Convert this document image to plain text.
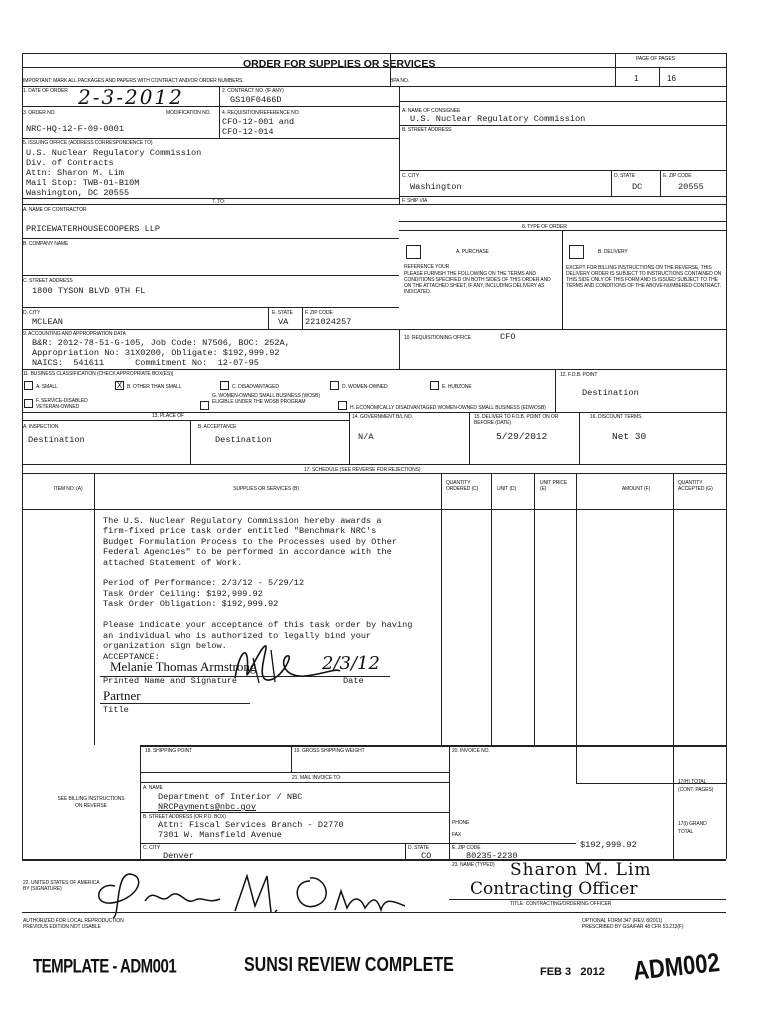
ORDER FOR SUPPLIES OR SERVICES	PAGE OF PAGES
1	16
IMPORTANT: MARK ALL PACKAGES AND PAPERS WITH CONTRACT AND/OR ORDER NUMBERS.	BPA NO.
1. DATE OF ORDER 2-3-2012	2. CONTRACT NO. (IF ANY)
GS10F0466D
3. ORDER NO.	MODIFICATION NO.
NRC-HQ-12-F-09-0001
4. REQUISITION/REFERENCE NO.
CFO-12-001 and
CFO-12-014
A. NAME OF CONSIGNEE
U.S. Nuclear Regulatory Commission
B. STREET ADDRESS
C. CITY
Washington
D. STATE
DC
E. ZIP CODE
20555
F. SHIP VIA
5. ISSUING OFFICE (ADDRESS CORRESPONDENCE TO)
U.S. Nuclear Regulatory Commission
Div. of Contracts
Attn: Sharon M. Lim
Mail Stop: TWB-01-B10M
Washington, DC 20555
7. TO:
A. NAME OF CONTRACTOR
PRICEWATERHOUSECOOPERS LLP
B. COMPANY NAME
C. STREET ADDRESS
1800 TYSON BLVD 9TH FL
D. CITY
MCLEAN
E. STATE
VA
F. ZIP CODE
221024257
8. TYPE OF ORDER
A. PURCHASE
REFERENCE YOUR
PLEASE FURNISH THE FOLLOWING ON THE TERMS AND CONDITIONS SPECIFIED ON BOTH SIDES OF THIS ORDER AND ON THE ATTACHED SHEET, IF ANY, INCLUDING DELIVERY AS INDICATED.
B. DELIVERY
EXCEPT FOR BILLING INSTRUCTIONS ON THE REVERSE, THIS DELIVERY ORDER IS SUBJECT TO INSTRUCTIONS CONTAINED ON THIS SIDE ONLY OF THIS FORM AND IS ISSUED SUBJECT TO THE TERMS AND CONDITIONS OF THE ABOVE-NUMBERED CONTRACT.
9. ACCOUNTING AND APPROPRIATION DATA
B&R: 2012-78-51-G-105, Job Code: N7506, BOC: 252A,
Appropriation No: 31X0200, Obligate: $192,999.92
NAICS:  541611      Commitment No:  12-07-95
10. REQUISITIONING OFFICE	CFO
11. BUSINESS CLASSIFICATION (CHECK APPROPRIATE BOX(ES))
A. SMALL	X B. OTHER THAN SMALL	C. DISADVANTAGED	D. WOMEN-OWNED	E. HUBZONE
F. SERVICE-DISABLED VETERAN-OWNED
G. WOMEN-OWNED SMALL BUSINESS (WOSB) ELIGIBLE UNDER THE WOSB PROGRAM
H. ECONOMICALLY DISADVANTAGED WOMEN-OWNED SMALL BUSINESS (EDWOSB)
12. F.O.B. POINT
Destination
13. PLACE OF
A. INSPECTION
Destination
B. ACCEPTANCE
Destination
14. GOVERNMENT B/L NO.
N/A
15. DELIVER TO F.O.B. POINT ON OR BEFORE (DATE)
5/29/2012
16. DISCOUNT TERMS
Net 30
17. SCHEDULE (SEE REVERSE FOR REJECTIONS)
ITEM NO. (A)	SUPPLIES OR SERVICES (B)
QUANTITY ORDERED (C)	UNIT (D)
UNIT PRICE (E)	AMOUNT (F)
QUANTITY ACCEPTED (G)
The U.S. Nuclear Regulatory Commission hereby awards a
firm-fixed price task order entitled "Benchmark NRC's
Budget Formulation Process to the Processes used by Other
Federal Agencies" to be performed in accordance with the
attached Statement of Work.
Period of Performance: 2/3/12 - 5/29/12
Task Order Ceiling: $192,999.92
Task Order Obligation: $192,999.92
Please indicate your acceptance of this task order by having
an individual who is authorized to legally bind your
organization sign below.
ACCEPTANCE:
Melanie Thomas Armstrong	2/3/12
Printed Name and Signature	Date
Partner
Title
18. SHIPPING POINT	19. GROSS SHIPPING WEIGHT	20. INVOICE NO.
21. MAIL INVOICE TO:
SEE BILLING INSTRUCTIONS ON REVERSE
A. NAME
Department of Interior / NBC
NRCPayments@nbc.gov
B. STREET ADDRESS (OR P.O. BOX)
Attn: Fiscal Services Branch - D2770
7301 W. Mansfield Avenue
PHONE
FAX
C. CITY
Denver
D. STATE
CO
E. ZIP CODE
80235-2230
$192,999.92
17(H) TOTAL (CONT. PAGES)
17(I) GRAND TOTAL
22. UNITED STATES OF AMERICA BY (SIGNATURE)
23. NAME (TYPED) Sharon M. Lim
Contracting Officer
TITLE: CONTRACTING/ORDERING OFFICER
AUTHORIZED FOR LOCAL REPRODUCTION
PREVIOUS EDITION NOT USABLE
OPTIONAL FORM 347 (REV. 8/2011)
PRESCRIBED BY GSA/FAR 48 CFR 53.213(F)
TEMPLATE - ADM001	SUNSI REVIEW COMPLETE	FEB 3   2012 ADM002
